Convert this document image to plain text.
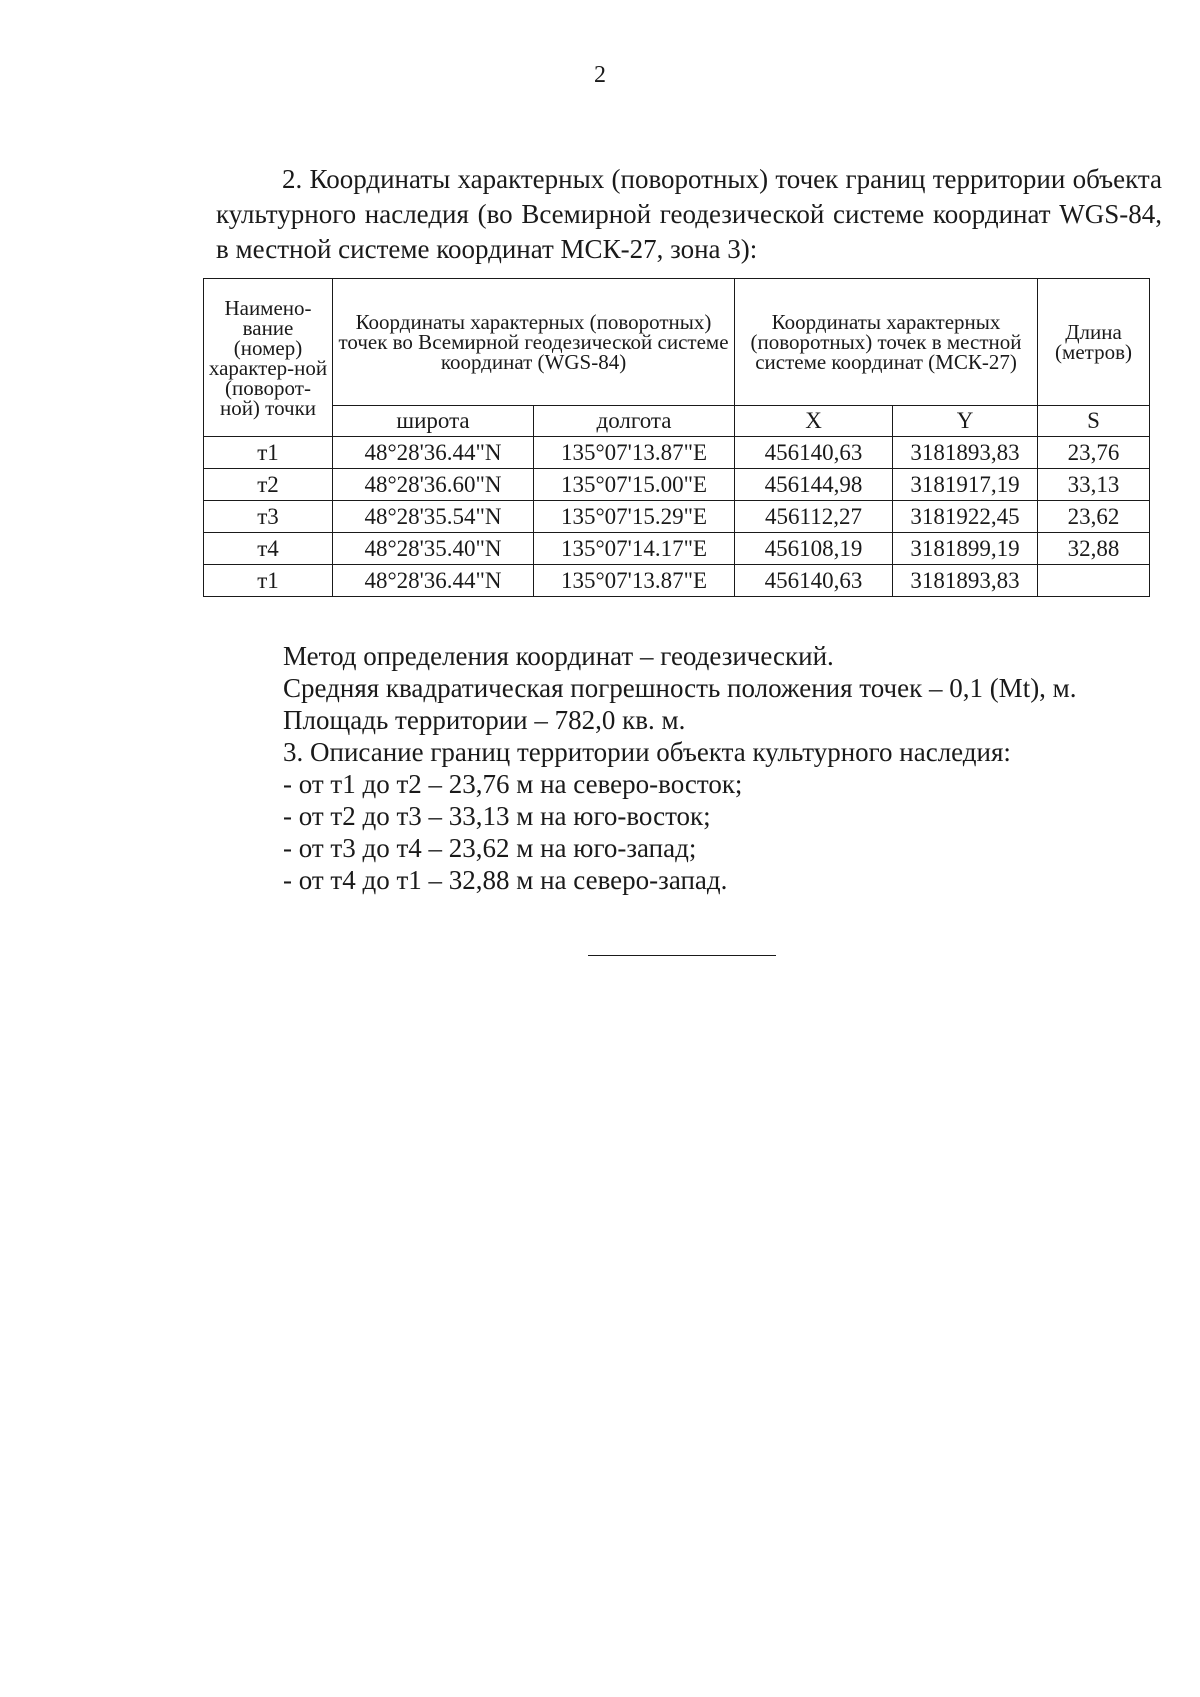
2

2. Координаты характерных (поворотных) точек границ территории объекта культурного наследия (во Всемирной геодезической системе координат WGS-84, в местной системе координат МСК-27, зона 3):

Наимено-вание (номер) характер-ной (поворот-ной) точки	Координаты характерных (поворотных) точек во Всемирной геодезической системе координат (WGS-84)		Координаты характерных (поворотных) точек в местной системе координат (МСК-27)		Длина (метров)
	широта	долгота	X	Y	S
т1	48°28'36.44"N	135°07'13.87"E	456140,63	3181893,83	23,76
т2	48°28'36.60"N	135°07'15.00"E	456144,98	3181917,19	33,13
т3	48°28'35.54"N	135°07'15.29"E	456112,27	3181922,45	23,62
т4	48°28'35.40"N	135°07'14.17"E	456108,19	3181899,19	32,88
т1	48°28'36.44"N	135°07'13.87"E	456140,63	3181893,83	

Метод определения координат – геодезический.

Средняя квадратическая погрешность положения точек – 0,1 (Mt), м.

Площадь территории – 782,0 кв. м.

3. Описание границ территории объекта культурного наследия:

- от т1 до т2 – 23,76 м на северо-восток;

- от т2 до т3 – 33,13 м на юго-восток;

- от т3 до т4 – 23,62 м на юго-запад;

- от т4 до т1 – 32,88 м на северо-запад.
